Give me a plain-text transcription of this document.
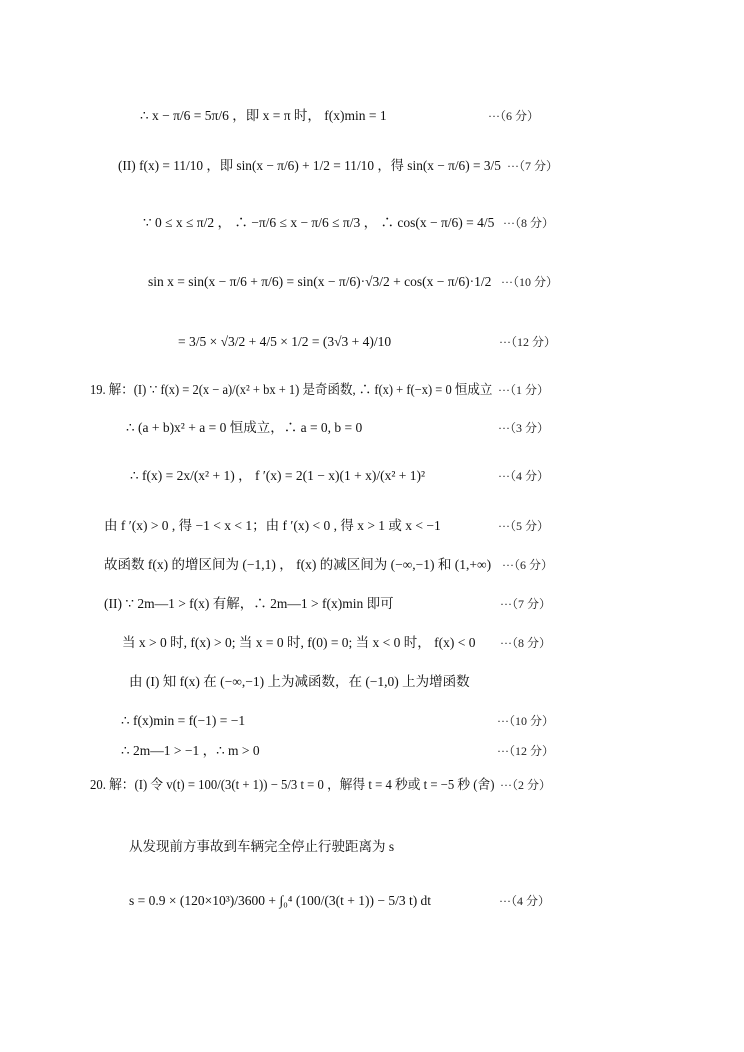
∴ x − π/6 = 5π/6 ，即 x = π 时， f(x)min = 1	···（6 分）
(II) f(x) = 11/10 ，即 sin(x − π/6) + 1/2 = 11/10 ，得 sin(x − π/6) = 3/5 ···（7 分）
∵ 0 ≤ x ≤ π/2 ， ∴ −π/6 ≤ x − π/6 ≤ π/3 ， ∴ cos(x − π/6) = 4/5 ···（8 分）
sin x = sin(x − π/6 + π/6) = sin(x − π/6)·√3/2 + cos(x − π/6)·1/2 ···（10 分）
= 3/5 × √3/2 + 4/5 × 1/2 = (3√3 + 4)/10	···（12 分）
19. 解：(I) ∵ f(x) = 2(x − a)/(x² + bx + 1) 是奇函数, ∴ f(x) + f(−x) = 0 恒成立 ···（1 分）
∴ (a + b)x² + a = 0 恒成立，∴ a = 0, b = 0	···（3 分）
∴ f(x) = 2x/(x² + 1) ， f ′(x) = 2(1 − x)(1 + x)/(x² + 1)²	···（4 分）
由 f ′(x) > 0 , 得 −1 < x < 1；由 f ′(x) < 0 , 得 x > 1 或 x < −1	···（5 分）
故函数 f(x) 的增区间为 (−1,1) ， f(x) 的减区间为 (−∞,−1) 和 (1,+∞) ···（6 分）
(II) ∵ 2m—1 > f(x) 有解，∴ 2m—1 > f(x)min 即可	···（7 分）
当 x > 0 时, f(x) > 0; 当 x = 0 时, f(0) = 0; 当 x < 0 时， f(x) < 0 ···（8 分）
由 (I) 知 f(x) 在 (−∞,−1) 上为减函数，在 (−1,0) 上为增函数
∴ f(x)min = f(−1) = −1	···（10 分）
∴ 2m—1 > −1 ，∴ m > 0	···（12 分）
20. 解：(I) 令 v(t) = 100/(3(t + 1)) − 5/3 t = 0 ，解得 t = 4 秒或 t = −5 秒 (舍) ···（2 分）
从发现前方事故到车辆完全停止行驶距离为 s
s = 0.9 × (120×10³)/3600 + ∫₀⁴ (100/(3(t + 1)) − 5/3 t) dt	···（4 分）
